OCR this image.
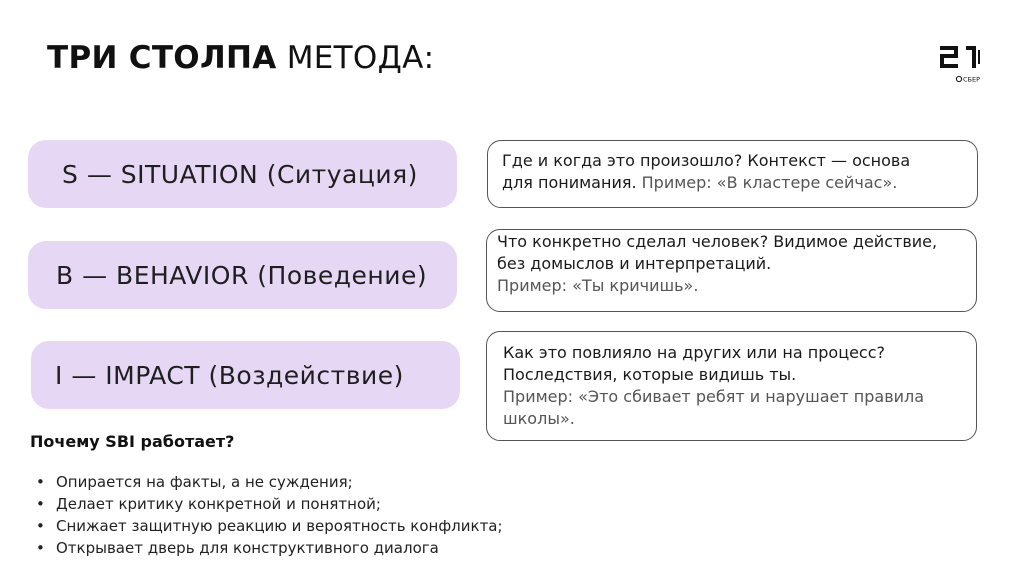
ТРИ СТОЛПА МЕТОДА:
СБЕР
S — SITUATION (Ситуация)
B — BEHAVIOR (Поведение)
I — IMPACT (Воздействие)
Где и когда это произошло? Контекст — основа
для понимания. Пример: «В кластере сейчас».
Что конкретно сделал человек? Видимое действие,
без домыслов и интерпретаций.
Пример: «Ты кричишь».
Как это повлияло на других или на процесс?
Последствия, которые видишь ты.
Пример: «Это сбивает ребят и нарушает правила
школы».
Почему SBI работает?
• Опирается на факты, а не суждения;
• Делает критику конкретной и понятной;
• Снижает защитную реакцию и вероятность конфликта;
• Открывает дверь для конструктивного диалога
